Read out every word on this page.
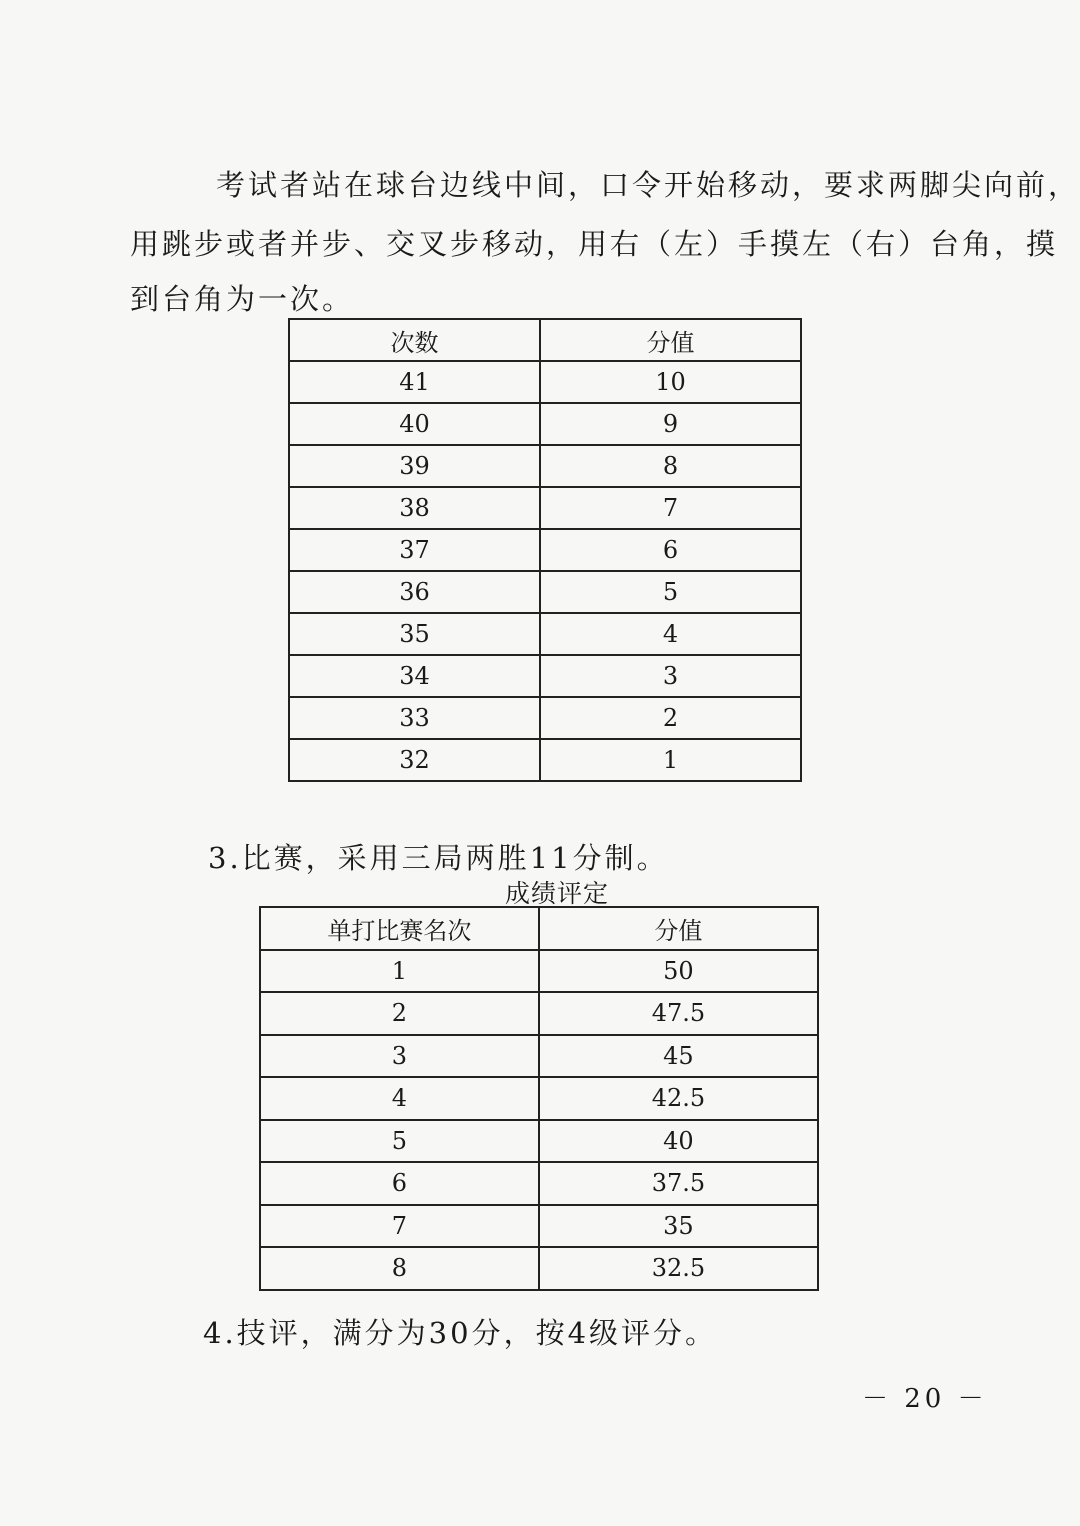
考试者站在球台边线中间，口令开始移动，要求两脚尖向前，
用跳步或者并步、交叉步移动，用右（左）手摸左（右）台角，摸
到台角为一次。
次数	分值
41	10
40	9
39	8
38	7
37	6
36	5
35	4
34	3
33	2
32	1
3.比赛，采用三局两胜11分制。
成绩评定
单打比赛名次	分值
1	50
2	47.5
3	45
4	42.5
5	40
6	37.5
7	35
8	32.5
4.技评，满分为30分，按4级评分。
－ 20 －
